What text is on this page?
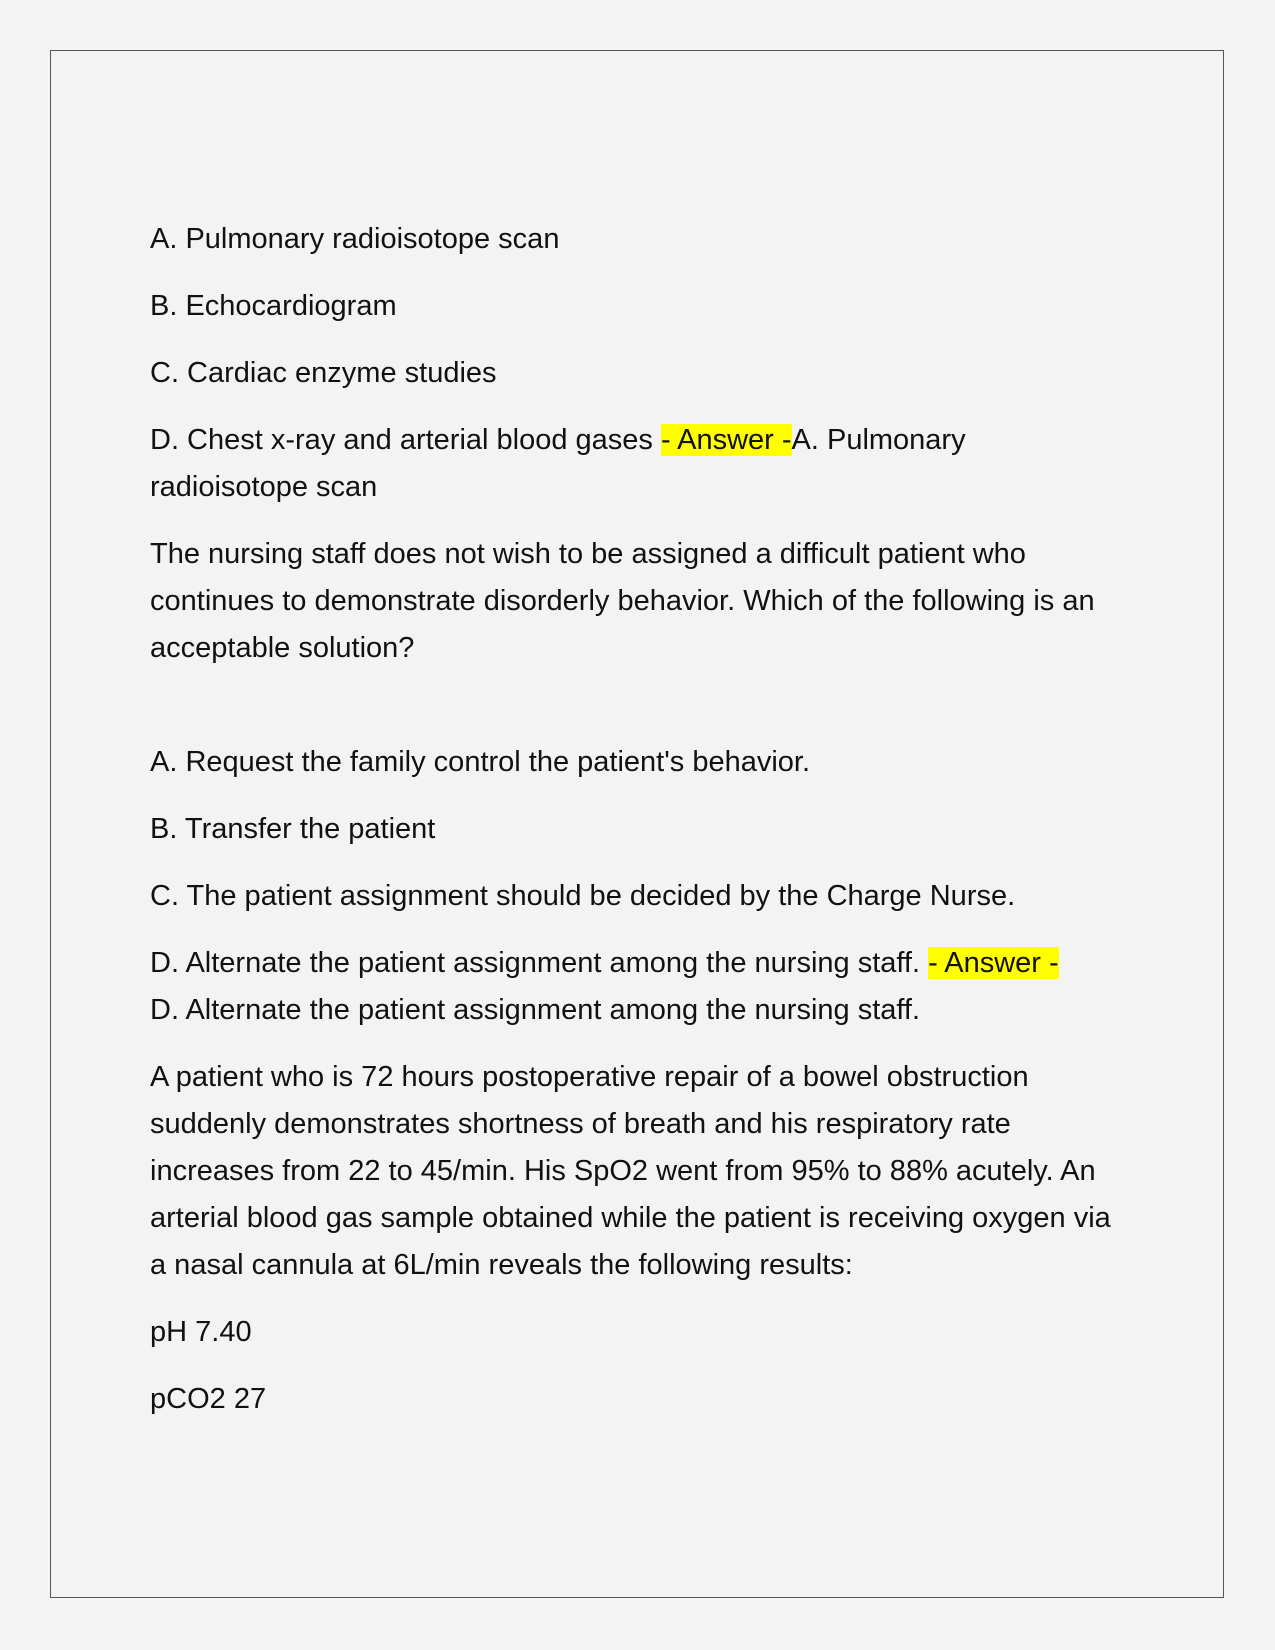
A. Pulmonary radioisotope scan

B. Echocardiogram

C. Cardiac enzyme studies

D. Chest x-ray and arterial blood gases - Answer -A. Pulmonary radioisotope scan

The nursing staff does not wish to be assigned a difficult patient who continues to demonstrate disorderly behavior. Which of the following is an acceptable solution?

A. Request the family control the patient's behavior.

B. Transfer the patient

C. The patient assignment should be decided by the Charge Nurse.

D. Alternate the patient assignment among the nursing staff. - Answer -
D. Alternate the patient assignment among the nursing staff.

A patient who is 72 hours postoperative repair of a bowel obstruction suddenly demonstrates shortness of breath and his respiratory rate increases from 22 to 45/min. His SpO2 went from 95% to 88% acutely. An arterial blood gas sample obtained while the patient is receiving oxygen via a nasal cannula at 6L/min reveals the following results:

pH 7.40

pCO2 27
